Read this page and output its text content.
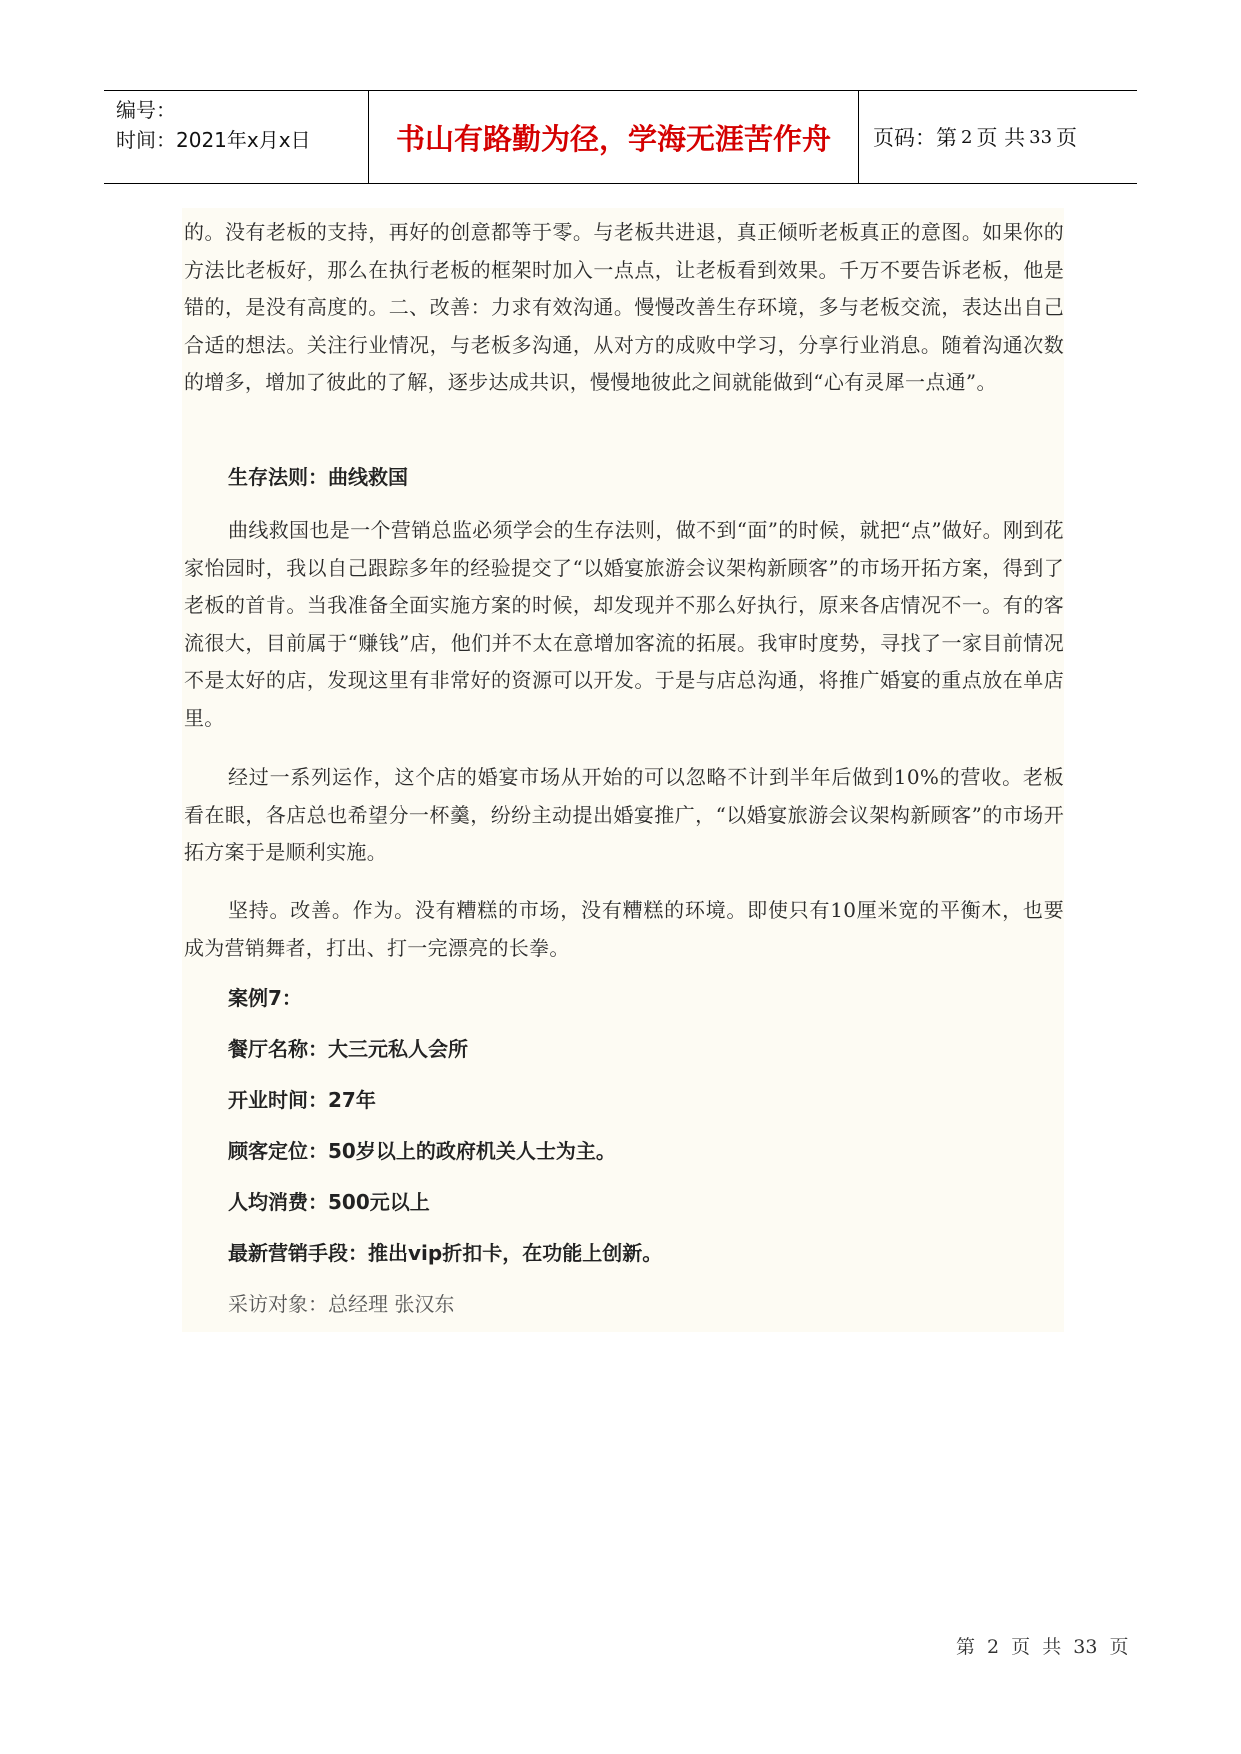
编号：
时间：2021年x月x日	书山有路勤为径，学海无涯苦作舟	页码：第 2 页 共 33 页
的。没有老板的支持，再好的创意都等于零。与老板共进退，真正倾听老板真正的意图。如果你的方法比老板好，那么在执行老板的框架时加入一点点，让老板看到效果。千万不要告诉老板，他是错的，是没有高度的。二、改善：力求有效沟通。慢慢改善生存环境，多与老板交流，表达出自己合适的想法。关注行业情况，与老板多沟通，从对方的成败中学习，分享行业消息。随着沟通次数的增多，增加了彼此的了解，逐步达成共识，慢慢地彼此之间就能做到“心有灵犀一点通”。
生存法则：曲线救国
曲线救国也是一个营销总监必须学会的生存法则，做不到“面”的时候，就把“点”做好。刚到花家怡园时，我以自己跟踪多年的经验提交了“以婚宴旅游会议架构新顾客”的市场开拓方案，得到了老板的首肯。当我准备全面实施方案的时候，却发现并不那么好执行，原来各店情况不一。有的客流很大，目前属于“赚钱”店，他们并不太在意增加客流的拓展。我审时度势，寻找了一家目前情况不是太好的店，发现这里有非常好的资源可以开发。于是与店总沟通，将推广婚宴的重点放在单店里。
经过一系列运作，这个店的婚宴市场从开始的可以忽略不计到半年后做到10%的营收。老板看在眼，各店总也希望分一杯羹，纷纷主动提出婚宴推广，“以婚宴旅游会议架构新顾客”的市场开拓方案于是顺利实施。
坚持。改善。作为。没有糟糕的市场，没有糟糕的环境。即使只有10厘米宽的平衡木，也要成为营销舞者，打出、打一完漂亮的长拳。
案例7：
餐厅名称：大三元私人会所
开业时间：27年
顾客定位：50岁以上的政府机关人士为主。
人均消费：500元以上
最新营销手段：推出vip折扣卡，在功能上创新。
采访对象：总经理 张汉东
第 2 页 共 33 页
